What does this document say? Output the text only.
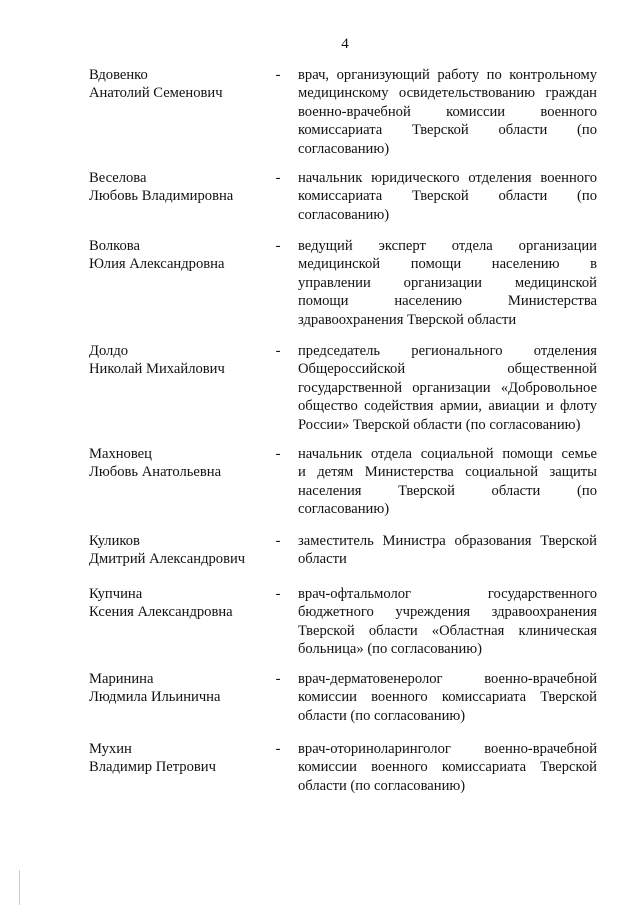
4
Вдовенко
Анатолий Семенович
- врач, организующий работу по контрольному
медицинскому освидетельствованию граждан
военно-врачебной комиссии военного
комиссариата Тверской области (по
согласованию)
Веселова
Любовь Владимировна
- начальник юридического отделения военного
комиссариата Тверской области (по
согласованию)
Волкова
Юлия Александровна
- ведущий эксперт отдела организации
медицинской помощи населению в
управлении организации медицинской
помощи населению Министерства
здравоохранения Тверской области
Долдо
Николай Михайлович
- председатель регионального отделения
Общероссийской общественной
государственной организации «Добровольное
общество содействия армии, авиации и флоту
России» Тверской области (по согласованию)
Махновец
Любовь Анатольевна
- начальник отдела социальной помощи семье
и детям Министерства социальной защиты
населения Тверской области (по
согласованию)
Куликов
Дмитрий Александрович
- заместитель Министра образования Тверской
области
Купчина
Ксения Александровна
- врач-офтальмолог государственного
бюджетного учреждения здравоохранения
Тверской области «Областная клиническая
больница» (по согласованию)
Маринина
Людмила Ильинична
- врач-дерматовенеролог военно-врачебной
комиссии военного комиссариата Тверской
области (по согласованию)
Мухин
Владимир Петрович
- врач-оториноларинголог военно-врачебной
комиссии военного комиссариата Тверской
области (по согласованию)
